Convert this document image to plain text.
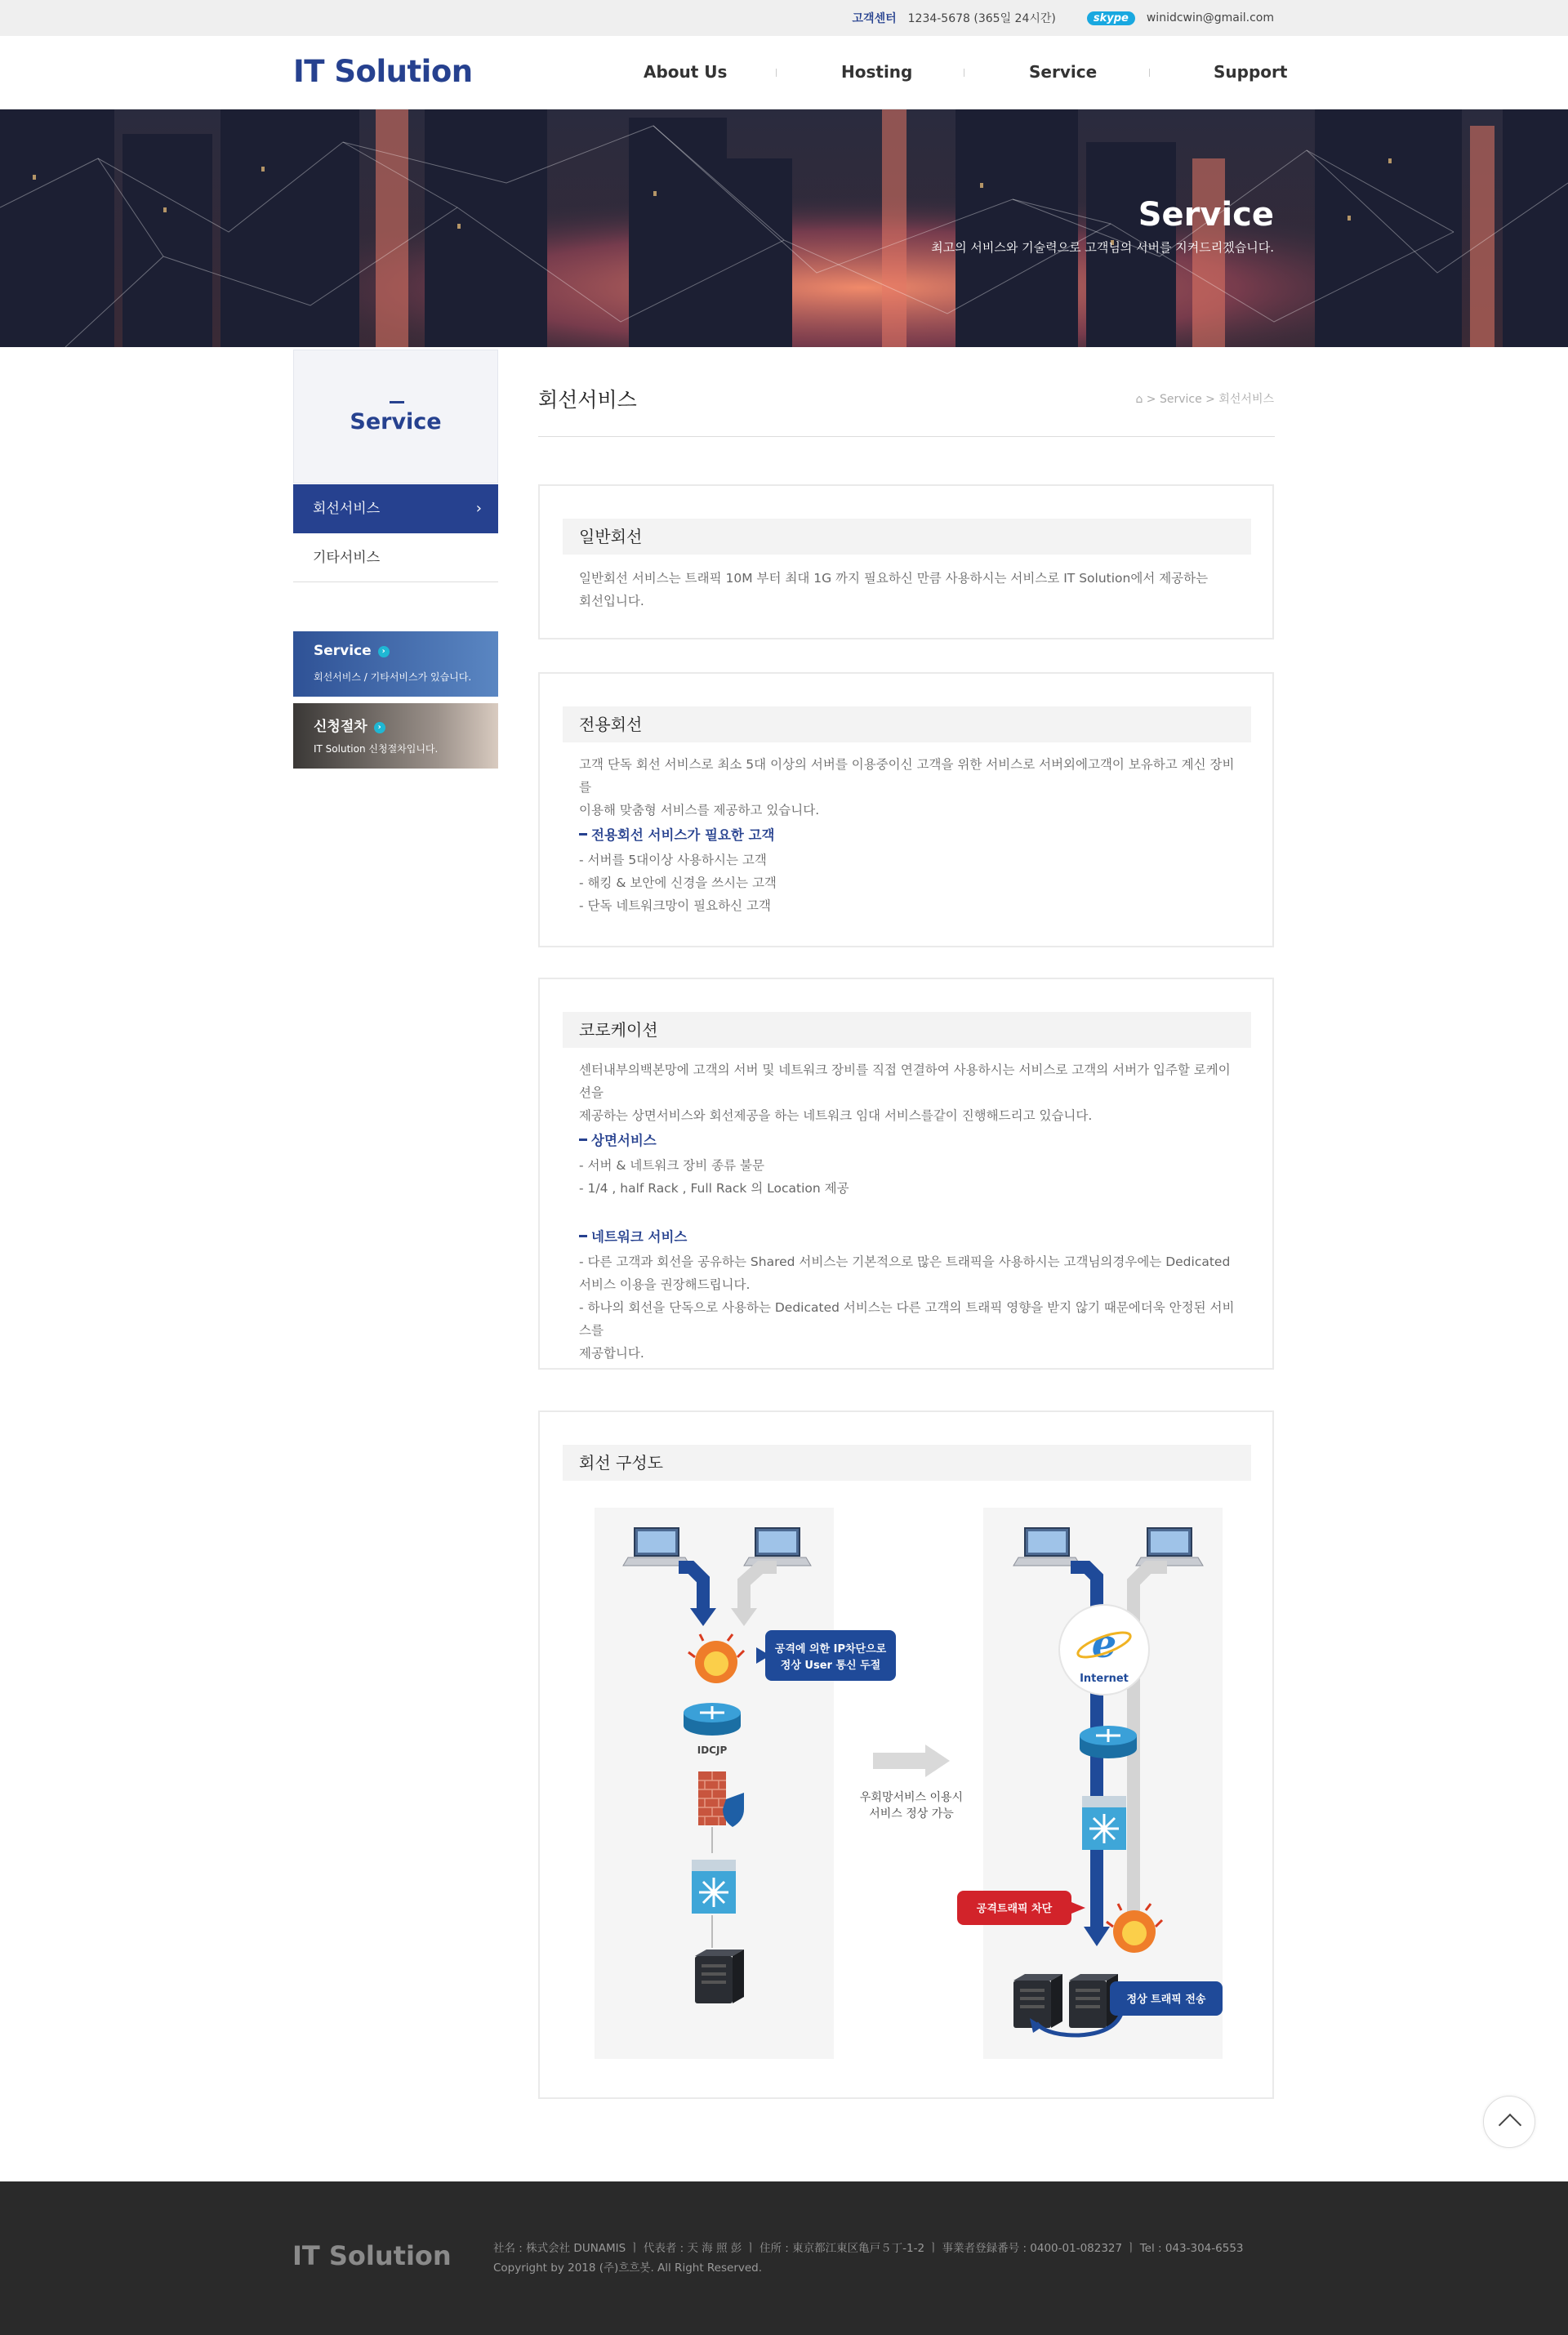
고객센터 1234-5678 (365일 24시간)	skype	winidcwin@gmail.com
IT Solution	About Us	Hosting	Service	Support
Service
최고의 서비스와 기술력으로 고객님의 서버를 지켜드리겠습니다.
Service
회선서비스	›
기타서비스
Service ›
회선서비스 / 기타서비스가 있습니다.
신청절차 ›
IT Solution 신청절차입니다.
회선서비스	⌂ > Service > 회선서비스
일반회선
일반회선 서비스는 트래픽 10M 부터 최대 1G 까지 필요하신 만큼 사용하시는 서비스로 IT Solution에서 제공하는
회선입니다.
전용회선
고객 단독 회선 서비스로 최소 5대 이상의 서버를 이용중이신 고객을 위한 서비스로 서버외에고객이 보유하고 계신 장비를
이용해 맞춤형 서비스를 제공하고 있습니다.
전용회선 서비스가 필요한 고객
- 서버를 5대이상 사용하시는 고객
- 해킹 & 보안에 신경을 쓰시는 고객
- 단독 네트워크망이 필요하신 고객
코로케이션
센터내부의백본망에 고객의 서버 및 네트워크 장비를 직접 연결하여 사용하시는 서비스로 고객의 서버가 입주할 로케이션을
제공하는 상면서비스와 회선제공을 하는 네트워크 임대 서비스를같이 진행해드리고 있습니다.
상면서비스
- 서버 & 네트워크 장비 종류 불문
- 1/4 , half Rack , Full Rack 의 Location 제공
네트워크 서비스
- 다른 고객과 회선을 공유하는 Shared 서비스는 기본적으로 많은 트래픽을 사용하시는 고객님의경우에는 Dedicated
서비스 이용을 권장해드립니다.
- 하나의 회선을 단독으로 사용하는 Dedicated 서비스는 다른 고객의 트래픽 영향을 받지 않기 때문에더욱 안정된 서비스를
제공합니다.
회선 구성도
공격에 의한 IP차단으로
정상 User 통신 두절
IDCJP
우회망서비스 이용시
서비스 정상 가능
e
Internet
공격트래픽 차단
정상 트래픽 전송
IT Solution	社名 : 株式会社 DUNAMIS ㅣ 代表者 : 天 海 照 彭 ㅣ 住所 : 東京都江東区亀戸５丁-1-2 ㅣ 事業者登録番号 : 0400-01-082327 ㅣ Tel : 043-304-6553
Copyright by 2018 (주)흐흐봇. All Right Reserved.
